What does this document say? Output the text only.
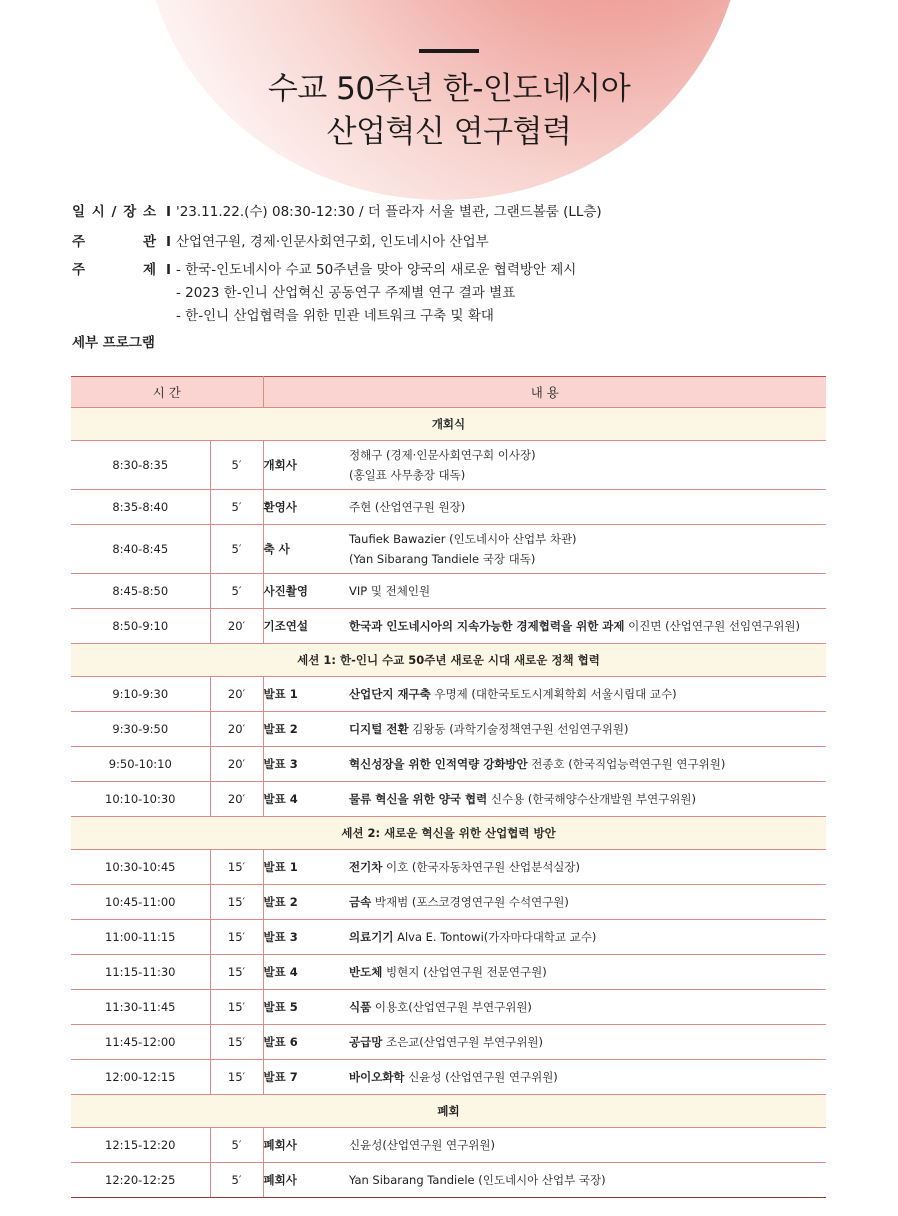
수교 50주년 한-인도네시아
산업혁신 연구협력
일 시 / 장 소 I '23.11.22.(수) 08:30-12:30 / 더 플라자 서울 별관, 그랜드볼룸 (LL층)
주	관 I 산업연구원, 경제·인문사회연구회, 인도네시아 산업부
주	제 I - 한국-인도네시아 수교 50주년을 맞아 양국의 새로운 협력방안 제시
- 2023 한-인니 산업혁신 공동연구 주제별 연구 결과 별표
- 한-인니 산업협력을 위한 민관 네트워크 구축 및 확대
세부 프로그램
시 간		내 용	
개회식			
8:30-8:35	5′	개회사	정해구 (경제·인문사회연구회 이사장)
(홍일표 사무총장 대독)
8:35-8:40	5′	환영사	주현 (산업연구원 원장)
8:40-8:45	5′	축 사	Taufiek Bawazier (인도네시아 산업부 차관)
(Yan Sibarang Tandiele 국장 대독)
8:45-8:50	5′	사진촬영	VIP 및 전체인원
8:50-9:10	20′	기조연설	한국과 인도네시아의 지속가능한 경제협력을 위한 과제 이진면 (산업연구원 선임연구위원)
세션 1: 한-인니 수교 50주년 새로운 시대 새로운 정책 협력			
9:10-9:30	20′	발표 1	산업단지 재구축 우명제 (대한국토도시계획학회 서울시립대 교수)
9:30-9:50	20′	발표 2	디지털 전환 김왕동 (과학기술정책연구원 선임연구위원)
9:50-10:10	20′	발표 3	혁신성장을 위한 인적역량 강화방안 전종호 (한국직업능력연구원 연구위원)
10:10-10:30	20′	발표 4	물류 혁신을 위한 양국 협력 신수용 (한국해양수산개발원 부연구위원)
세션 2: 새로운 혁신을 위한 산업협력 방안			
10:30-10:45	15′	발표 1	전기차 이호 (한국자동차연구원 산업분석실장)
10:45-11:00	15′	발표 2	금속 박재범 (포스코경영연구원 수석연구원)
11:00-11:15	15′	발표 3	의료기기 Alva E. Tontowi(가자마다대학교 교수)
11:15-11:30	15′	발표 4	반도체 빙현지 (산업연구원 전문연구원)
11:30-11:45	15′	발표 5	식품 이용호(산업연구원 부연구위원)
11:45-12:00	15′	발표 6	공급망 조은교(산업연구원 부연구위원)
12:00-12:15	15′	발표 7	바이오화학 신윤성 (산업연구원 연구위원)
폐회			
12:15-12:20	5′	폐회사	신윤성(산업연구원 연구위원)
12:20-12:25	5′	폐회사	Yan Sibarang Tandiele (인도네시아 산업부 국장)
